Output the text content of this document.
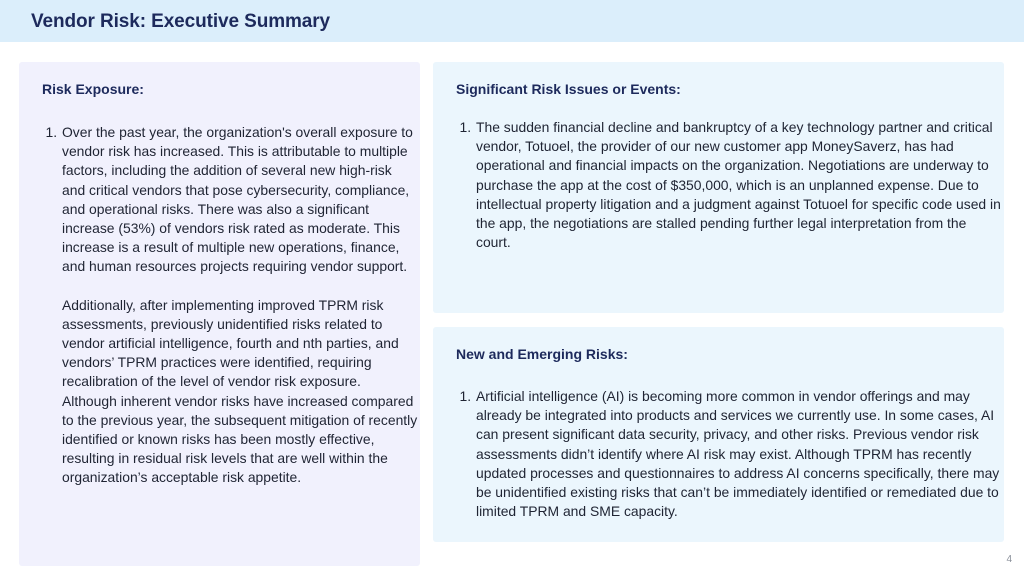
Vendor Risk: Executive Summary
Risk Exposure:

1. Over the past year, the organization's overall exposure to vendor risk has increased. This is attributable to multiple factors, including the addition of several new high-risk and critical vendors that pose cybersecurity, compliance, and operational risks. There was also a significant increase (53%) of vendors risk rated as moderate. This increase is a result of multiple new operations, finance, and human resources projects requiring vendor support.

Additionally, after implementing improved TPRM risk assessments, previously unidentified risks related to vendor artificial intelligence, fourth and nth parties, and vendors’ TPRM practices were identified, requiring recalibration of the level of vendor risk exposure. Although inherent vendor risks have increased compared to the previous year, the subsequent mitigation of recently identified or known risks has been mostly effective, resulting in residual risk levels that are well within the organization’s acceptable risk appetite.

Significant Risk Issues or Events:

1. The sudden financial decline and bankruptcy of a key technology partner and critical vendor, Totuoel, the provider of our new customer app MoneySaverz, has had operational and financial impacts on the organization. Negotiations are underway to purchase the app at the cost of $350,000, which is an unplanned expense. Due to intellectual property litigation and a judgment against Totuoel for specific code used in the app, the negotiations are stalled pending further legal interpretation from the court.

New and Emerging Risks:

1. Artificial intelligence (AI) is becoming more common in vendor offerings and may already be integrated into products and services we currently use. In some cases, AI can present significant data security, privacy, and other risks. Previous vendor risk assessments didn’t identify where AI risk may exist. Although TPRM has recently updated processes and questionnaires to address AI concerns specifically, there may be unidentified existing risks that can’t be immediately identified or remediated due to limited TPRM and SME capacity.

4
